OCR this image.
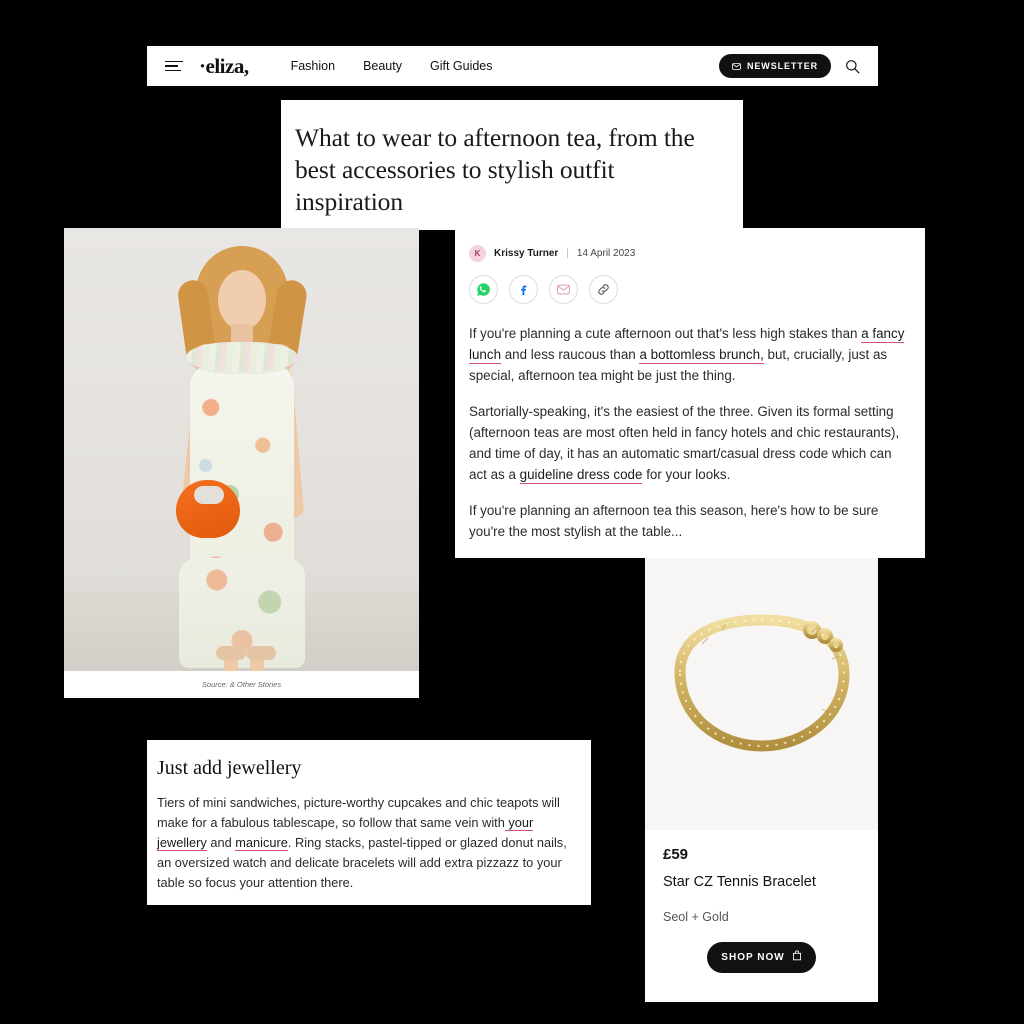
·eliza,	Fashion Beauty Gift Guides	NEWSLETTER
What to wear to afternoon tea, from the best accessories to stylish outfit inspiration
Source: & Other Stories
K	Krissy Turner | 14 April 2023

If you're planning a cute afternoon out that's less high stakes than a fancy lunch and less raucous than a bottomless brunch, but, crucially, just as special, afternoon tea might be just the thing.

Sartorially-speaking, it's the easiest of the three. Given its formal setting (afternoon teas are most often held in fancy hotels and chic restaurants), and time of day, it has an automatic smart/casual dress code which can act as a guideline dress code for your looks.

If you're planning an afternoon tea this season, here's how to be sure you're the most stylish at the table...

Just add jewellery

Tiers of mini sandwiches, picture-worthy cupcakes and chic teapots will make for a fabulous tablescape, so follow that same vein with your jewellery and manicure. Ring stacks, pastel-tipped or glazed donut nails, an oversized watch and delicate bracelets will add extra pizzazz to your table so focus your attention there.

£59

Star CZ Tennis Bracelet

Seol + Gold

SHOP NOW
